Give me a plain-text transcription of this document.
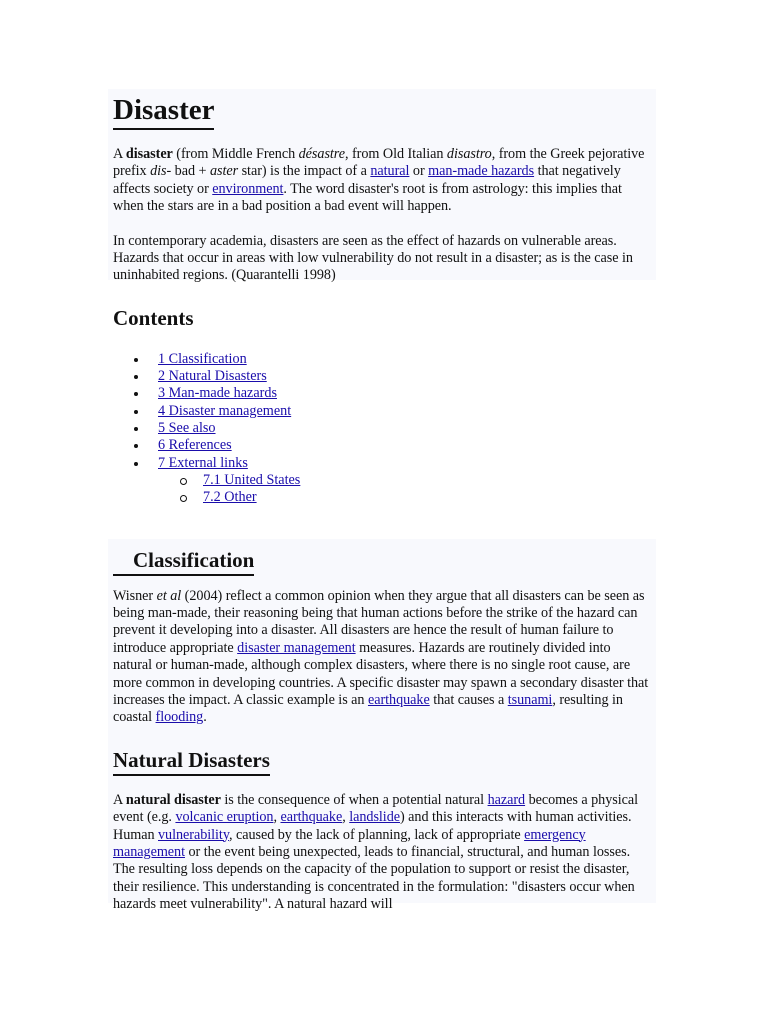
Disaster

A disaster (from Middle French désastre, from Old Italian disastro, from the Greek pejorative prefix dis- bad + aster star) is the impact of a natural or man-made hazards that negatively affects society or environment. The word disaster's root is from astrology: this implies that when the stars are in a bad position a bad event will happen.

In contemporary academia, disasters are seen as the effect of hazards on vulnerable areas. Hazards that occur in areas with low vulnerability do not result in a disaster; as is the case in uninhabited regions. (Quarantelli 1998)

Contents
1 Classification
2 Natural Disasters
3 Man-made hazards
4 Disaster management
5 See also
6 References
7 External links
7.1 United States
7.2 Other
Classification

Wisner et al (2004) reflect a common opinion when they argue that all disasters can be seen as being man-made, their reasoning being that human actions before the strike of the hazard can prevent it developing into a disaster. All disasters are hence the result of human failure to introduce appropriate disaster management measures. Hazards are routinely divided into natural or human-made, although complex disasters, where there is no single root cause, are more common in developing countries. A specific disaster may spawn a secondary disaster that increases the impact. A classic example is an earthquake that causes a tsunami, resulting in coastal flooding.

Natural Disasters

A natural disaster is the consequence of when a potential natural hazard becomes a physical event (e.g. volcanic eruption, earthquake, landslide) and this interacts with human activities. Human vulnerability, caused by the lack of planning, lack of appropriate emergency management or the event being unexpected, leads to financial, structural, and human losses. The resulting loss depends on the capacity of the population to support or resist the disaster, their resilience. This understanding is concentrated in the formulation: "disasters occur when hazards meet vulnerability". A natural hazard will
